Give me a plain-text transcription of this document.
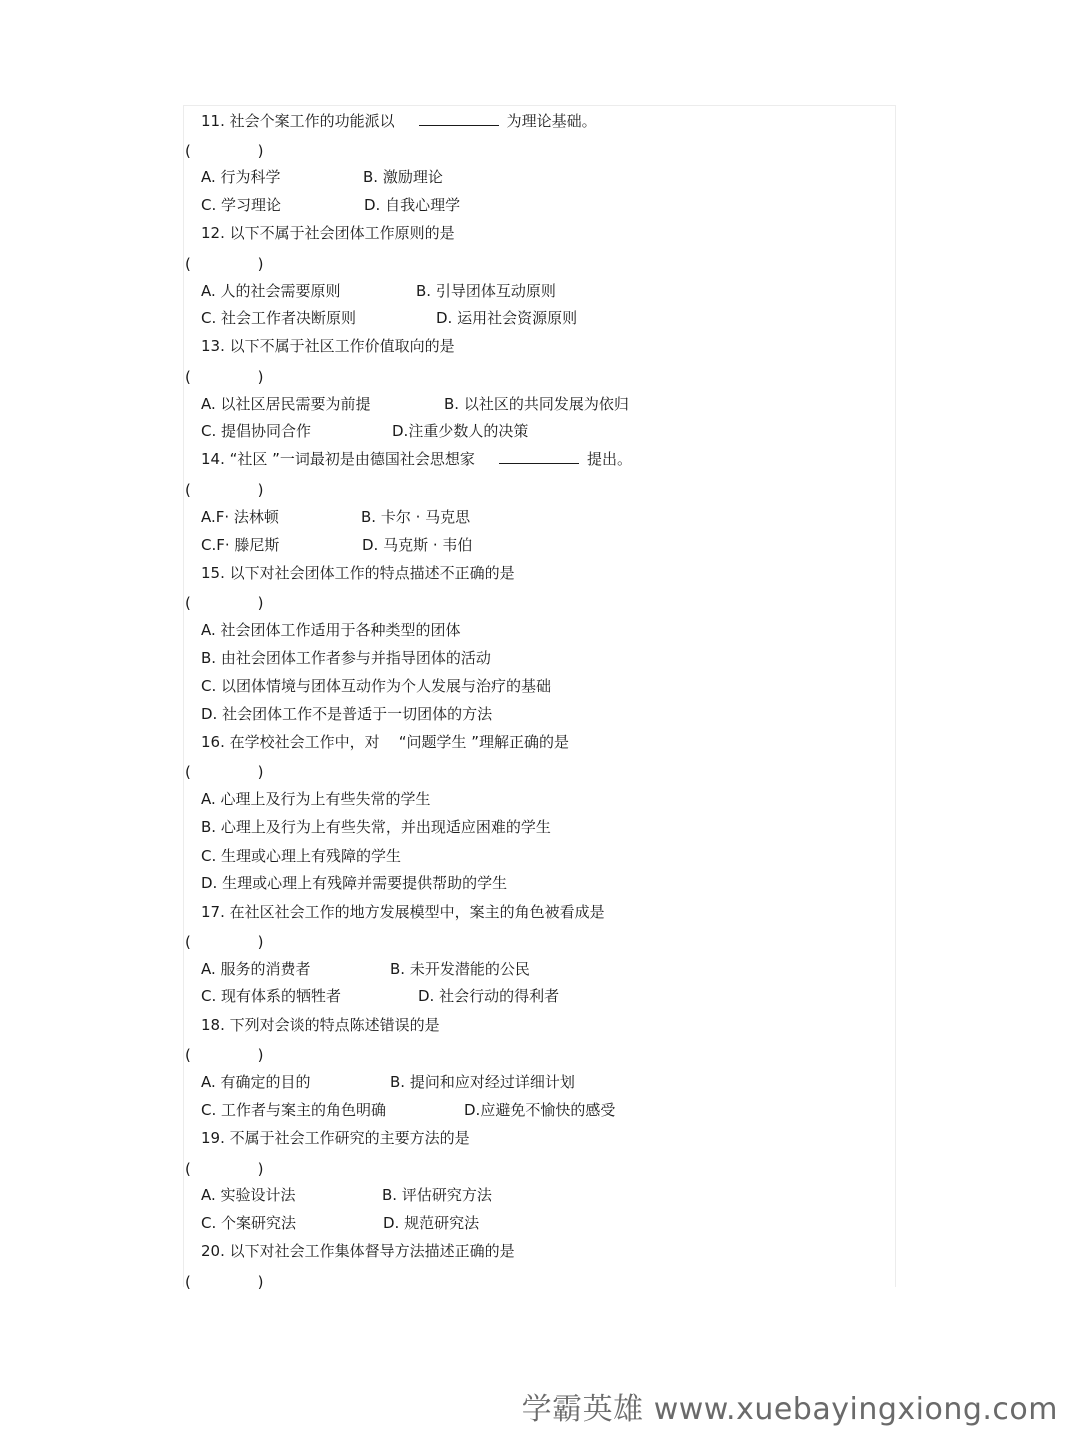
11. 社会个案工作的功能派以	为理论基础。
(              )
A. 行为科学	B. 激励理论
C. 学习理论	D. 自我心理学
12. 以下不属于社会团体工作原则的是
(              )
A. 人的社会需要原则	B. 引导团体互动原则
C. 社会工作者决断原则	D. 运用社会资源原则
13. 以下不属于社区工作价值取向的是
(              )
A. 以社区居民需要为前提	B. 以社区的共同发展为依归
C. 提倡协同合作	D.注重少数人的决策
14. “社区 ”一词最初是由德国社会思想家	提出。
(              )
A.F· 法林顿	B. 卡尔 · 马克思
C.F· 滕尼斯	D. 马克斯 · 韦伯
15. 以下对社会团体工作的特点描述不正确的是
(              )
A. 社会团体工作适用于各种类型的团体
B. 由社会团体工作者参与并指导团体的活动
C. 以团体情境与团体互动作为个人发展与治疗的基础
D. 社会团体工作不是普适于一切团体的方法
16. 在学校社会工作中，对    “问题学生 ”理解正确的是
(              )
A. 心理上及行为上有些失常的学生
B. 心理上及行为上有些失常，并出现适应困难的学生
C. 生理或心理上有残障的学生
D. 生理或心理上有残障并需要提供帮助的学生
17. 在社区社会工作的地方发展模型中，案主的角色被看成是
(              )
A. 服务的消费者	B. 未开发潜能的公民
C. 现有体系的牺牲者	D. 社会行动的得利者
18. 下列对会谈的特点陈述错误的是
(              )
A. 有确定的目的	B. 提问和应对经过详细计划
C. 工作者与案主的角色明确	D.应避免不愉快的感受
19. 不属于社会工作研究的主要方法的是
(              )
A. 实验设计法	B. 评估研究方法
C. 个案研究法	D. 规范研究法
20. 以下对社会工作集体督导方法描述正确的是
(              )
学霸英雄 www.xuebayingxiong.com
